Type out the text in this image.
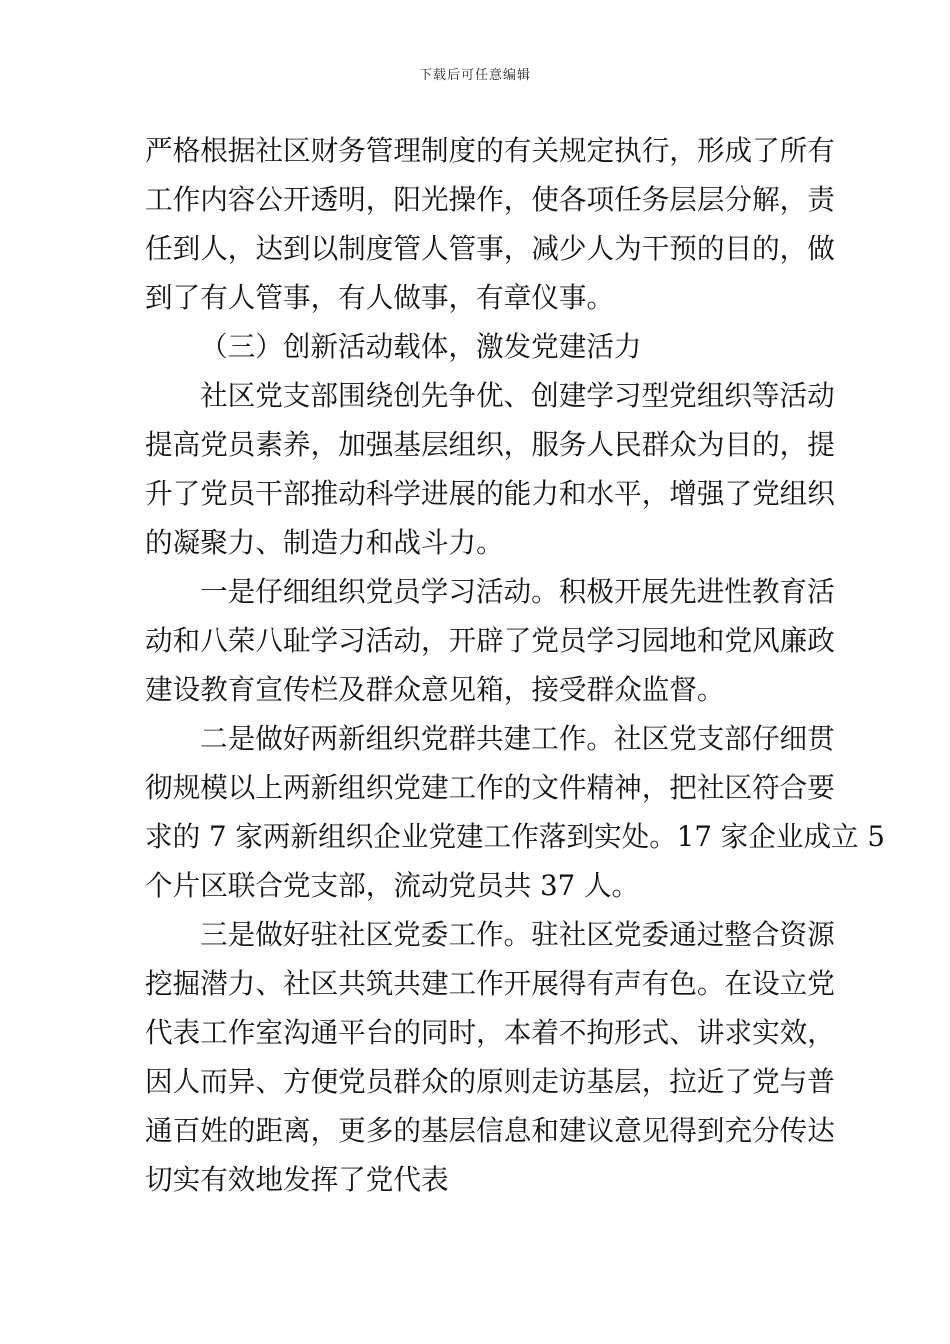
下载后可任意编辑
严格根据社区财务管理制度的有关规定执行，形成了所有
工作内容公开透明，阳光操作，使各项任务层层分解，责
任到人，达到以制度管人管事，减少人为干预的目的，做
到了有人管事，有人做事，有章仪事。
（三）创新活动载体，激发党建活力
社区党支部围绕创先争优、创建学习型党组织等活动
提高党员素养，加强基层组织，服务人民群众为目的，提
升了党员干部推动科学进展的能力和水平，增强了党组织
的凝聚力、制造力和战斗力。
一是仔细组织党员学习活动。积极开展先进性教育活
动和八荣八耻学习活动，开辟了党员学习园地和党风廉政
建设教育宣传栏及群众意见箱，接受群众监督。
二是做好两新组织党群共建工作。社区党支部仔细贯
彻规模以上两新组织党建工作的文件精神，把社区符合要
求的 7 家两新组织企业党建工作落到实处。17 家企业成立 5
个片区联合党支部，流动党员共 37 人。
三是做好驻社区党委工作。驻社区党委通过整合资源
挖掘潜力、社区共筑共建工作开展得有声有色。在设立党
代表工作室沟通平台的同时，本着不拘形式、讲求实效，
因人而异、方便党员群众的原则走访基层，拉近了党与普
通百姓的距离，更多的基层信息和建议意见得到充分传达
切实有效地发挥了党代表
